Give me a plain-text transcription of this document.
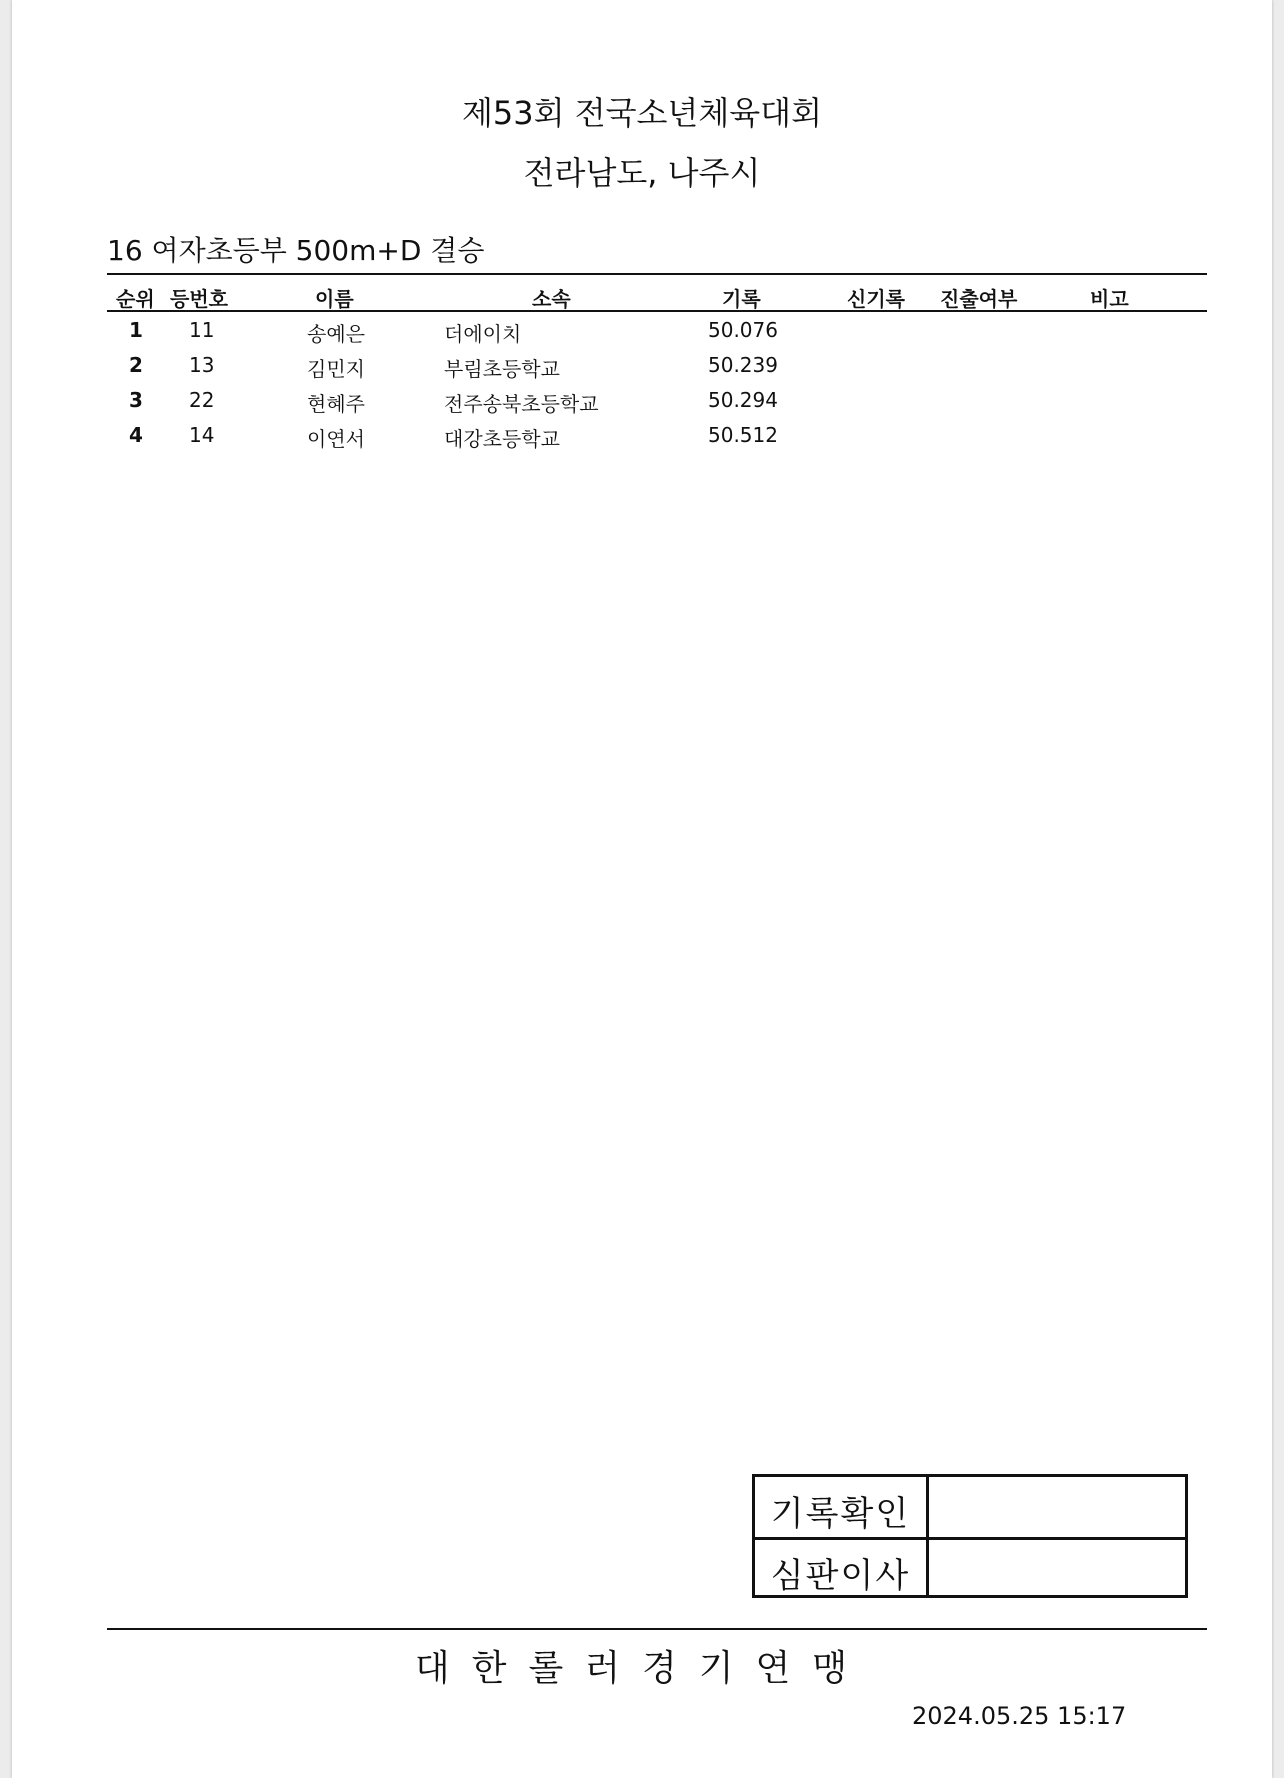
제53회 전국소년체육대회
전라남도, 나주시
16 여자초등부 500m+D 결승
순위 등번호	이름	소속	기록	신기록 진출여부	비고
1 11	송예은	더에이치	50.076
2 13	김민지	부림초등학교	50.239
3 22	현혜주	전주송북초등학교	50.294
4 14	이연서	대강초등학교	50.512
기록확인
심판이사
대한롤러경기연맹
2024.05.25 15:17
